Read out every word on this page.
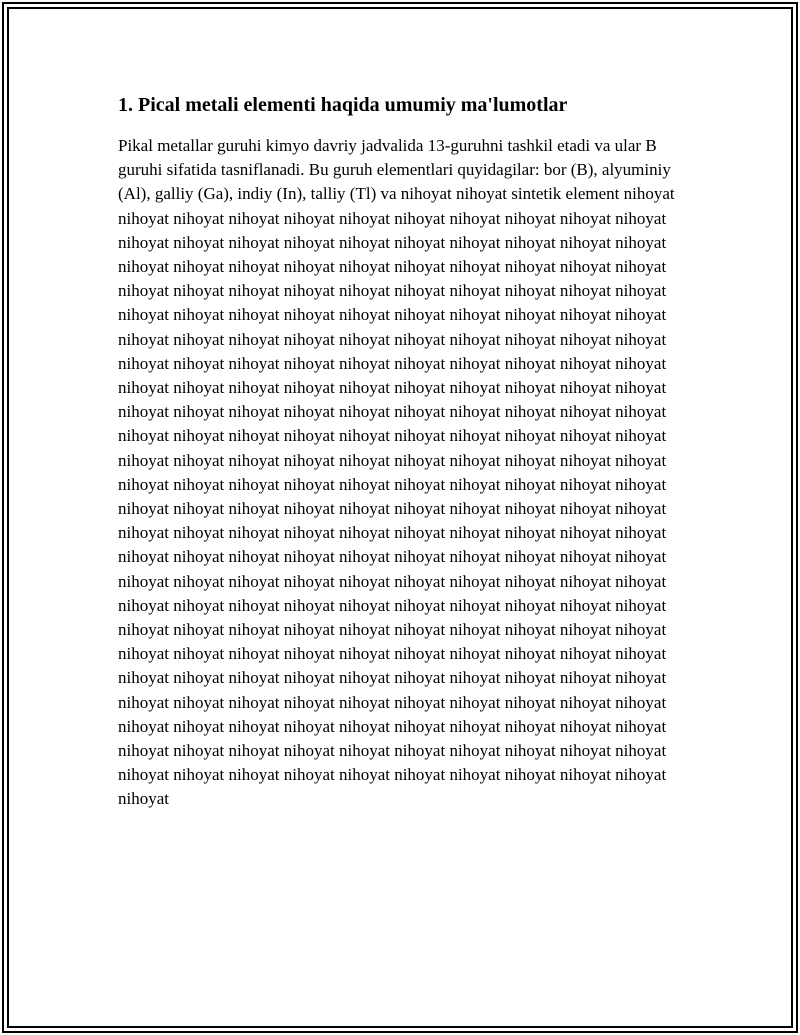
1. Pical metali elementi haqida umumiy ma'lumotlar

Pikal metallar guruhi kimyo davriy jadvalida 13-guruhni tashkil etadi va ular B guruhi sifatida tasniflanadi. Bu guruh elementlari quyidagilar: bor (B), alyuminiy (Al), galliy (Ga), indiy (In), talliy (Tl) va nihoyat nihoyat sintetik element nihoyat nihoyat nihoyat nihoyat nihoyat nihoyat nihoyat nihoyat nihoyat nihoyat nihoyat nihoyat nihoyat nihoyat nihoyat nihoyat nihoyat nihoyat nihoyat nihoyat nihoyat nihoyat nihoyat nihoyat nihoyat nihoyat nihoyat nihoyat nihoyat nihoyat nihoyat nihoyat nihoyat nihoyat nihoyat nihoyat nihoyat nihoyat nihoyat nihoyat nihoyat nihoyat nihoyat nihoyat nihoyat nihoyat nihoyat nihoyat nihoyat nihoyat nihoyat nihoyat nihoyat nihoyat nihoyat nihoyat nihoyat nihoyat nihoyat nihoyat nihoyat nihoyat nihoyat nihoyat nihoyat nihoyat nihoyat nihoyat nihoyat nihoyat nihoyat nihoyat nihoyat nihoyat nihoyat nihoyat nihoyat nihoyat nihoyat nihoyat nihoyat nihoyat nihoyat nihoyat nihoyat nihoyat nihoyat nihoyat nihoyat nihoyat nihoyat nihoyat nihoyat nihoyat nihoyat nihoyat nihoyat nihoyat nihoyat nihoyat nihoyat nihoyat nihoyat nihoyat nihoyat nihoyat nihoyat nihoyat nihoyat nihoyat nihoyat nihoyat nihoyat nihoyat nihoyat nihoyat nihoyat nihoyat nihoyat nihoyat nihoyat nihoyat nihoyat nihoyat nihoyat nihoyat nihoyat nihoyat nihoyat nihoyat nihoyat nihoyat nihoyat nihoyat nihoyat nihoyat nihoyat nihoyat nihoyat nihoyat nihoyat nihoyat nihoyat nihoyat nihoyat nihoyat nihoyat nihoyat nihoyat nihoyat nihoyat nihoyat nihoyat nihoyat nihoyat nihoyat nihoyat nihoyat nihoyat nihoyat nihoyat nihoyat nihoyat nihoyat nihoyat nihoyat nihoyat nihoyat nihoyat nihoyat nihoyat nihoyat nihoyat nihoyat nihoyat nihoyat nihoyat nihoyat nihoyat nihoyat nihoyat nihoyat nihoyat nihoyat nihoyat nihoyat nihoyat nihoyat nihoyat nihoyat nihoyat nihoyat nihoyat nihoyat nihoyat nihoyat nihoyat nihoyat nihoyat nihoyat nihoyat nihoyat nihoyat nihoyat nihoyat nihoyat nihoyat nihoyat nihoyat nihoyat nihoyat nihoyat nihoyat nihoyat nihoyat nihoyat nihoyat nihoyat nihoyat nihoyat nihoyat nihoyat nihoyat nihoyat nihoyat nihoyat nihoyat nihoyat nihoyat nihoyat nihoyat nihoyat nihoyat nihoyat nihoyat nihoyat nihoyat nihoyat nihoyat nihoyat nihoyat nihoyat
